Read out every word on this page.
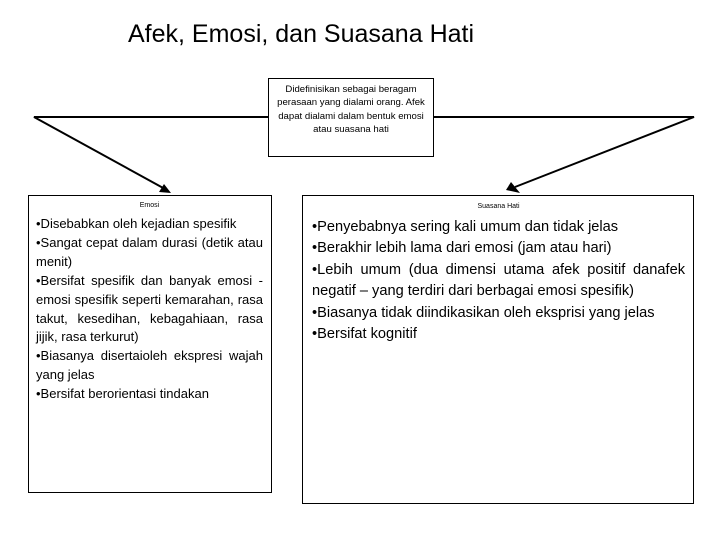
Afek, Emosi, dan Suasana Hati
Didefinisikan sebagai beragam perasaan yang dialami orang. Afek dapat dialami dalam bentuk emosi atau suasana hati
Emosi
•Disebabkan oleh kejadian spesifik
•Sangat cepat dalam durasi (detik atau menit)
•Bersifat spesifik dan banyak emosi -emosi spesifik seperti kemarahan, rasa takut, kesedihan, kebagahiaan, rasa jijik, rasa terkurut)
•Biasanya disertaioleh ekspresi wajah yang jelas
•Bersifat berorientasi tindakan
Suasana Hati
•Penyebabnya sering kali umum dan tidak jelas
•Berakhir lebih lama dari emosi (jam atau hari)
•Lebih umum (dua dimensi utama afek positif danafek negatif – yang terdiri dari berbagai emosi spesifik)
•Biasanya tidak diindikasikan oleh eksprisi yang jelas
•Bersifat kognitif
